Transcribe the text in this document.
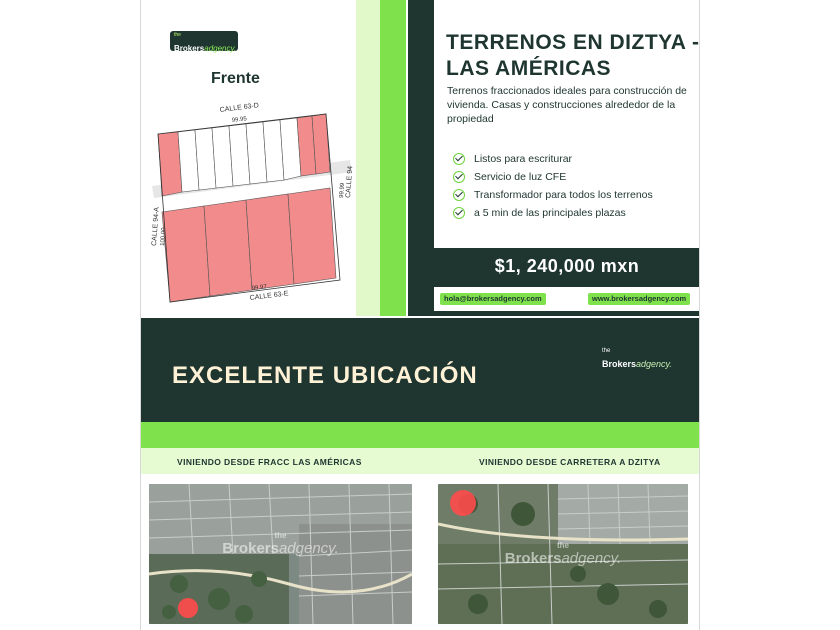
the
Brokersadgency.
Frente
CALLE 63-D
99.95
CALLE 63-E
99.97
CALLE 94-A 100.00
CALLE 94
99.99
TERRENOS EN DIZTYA - LAS AMÉRICAS
Terrenos fraccionados ideales para construcción de vivienda. Casas y construcciones alrededor de la propiedad
Listos para escriturar
Servicio de luz CFE
Transformador para todos los terrenos
a 5 min de las principales plazas
$1, 240,000 mxn
hola@brokersadgency.com	www.brokersadgency.com
EXCELENTE UBICACIÓN
the
Brokersadgency.
VINIENDO DESDE FRACC LAS AMÉRICAS	VINIENDO DESDE CARRETERA A DZITYA
the
Brokersadgency.	the
Brokersadgency.
